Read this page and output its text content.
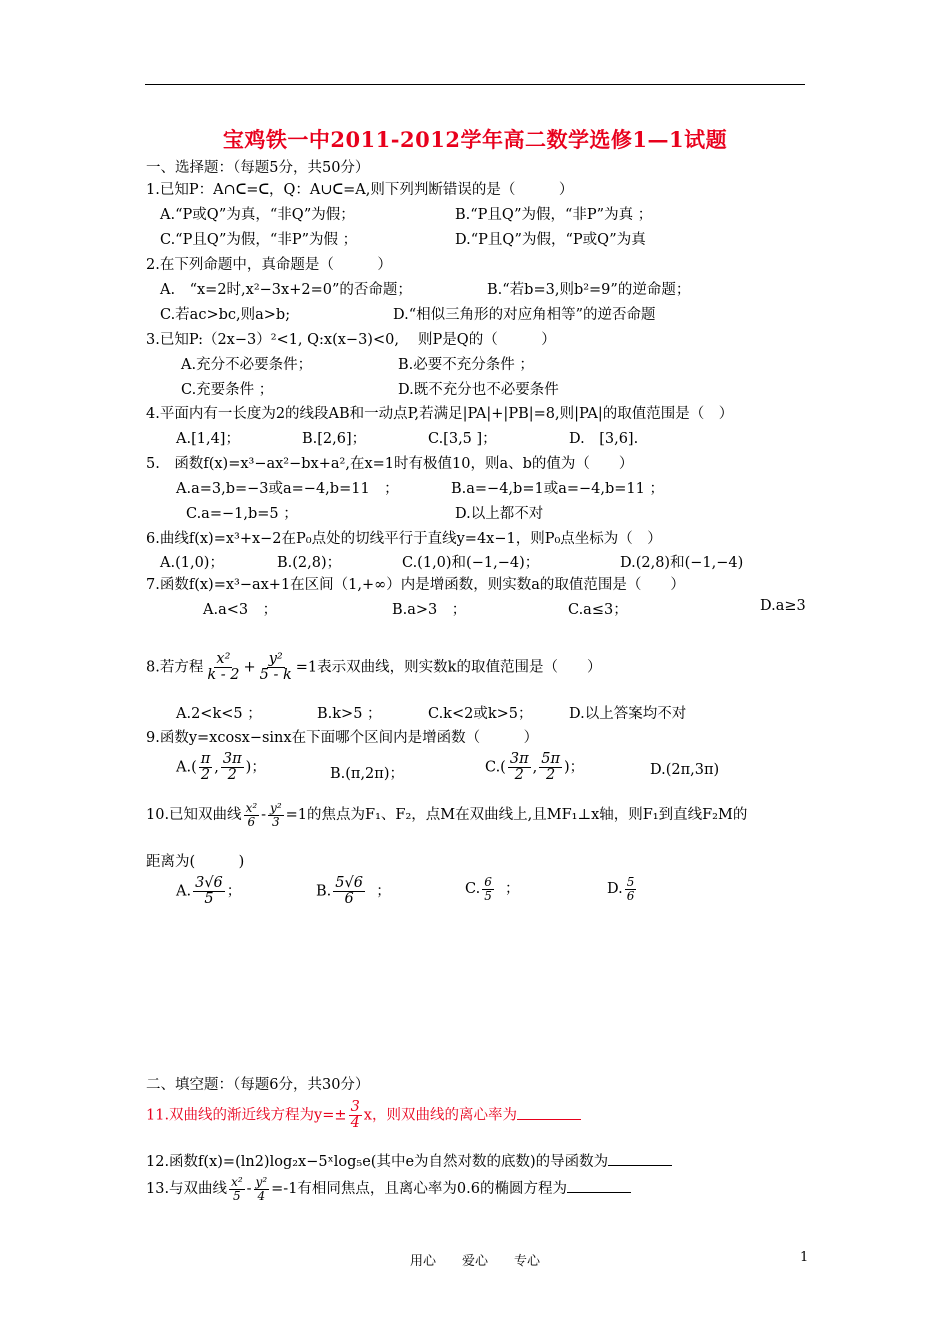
宝鸡铁一中2011-2012学年高二数学选修1—1试题
一、选择题：（每题5分，共50分）
1.已知P：A∩ᑕ=ᑕ，Q：A∪ᑕ=A,则下列判断错误的是（　　　）
A.“P或Q”为真，“非Q”为假；	B.“P且Q”为假，“非P”为真 ；
C.“P且Q”为假，“非P”为假 ；	D.“P且Q”为假，“P或Q”为真
2.在下列命题中，真命题是（　　　）
A.　“x=2时,x²−3x+2=0”的否命题；	B.“若b=3,则b²=9”的逆命题；
C.若ac>bc,则a>b;	D.“相似三角形的对应角相等”的逆否命题
3.已知P:（2x−3）²<1, Q:x(x−3)<0, 　则P是Q的（　　　）
A.充分不必要条件；	B.必要不充分条件 ；
C.充要条件 ；	D.既不充分也不必要条件
4.平面内有一长度为2的线段AB和一动点P,若满足|PA|+|PB|=8,则|PA|的取值范围是（　）
A.[1,4]；	B.[2,6]；	C.[3,5 ]；	D.　[3,6].
5.　函数f(x)=x³−ax²−bx+a²,在x=1时有极值10，则a、b的值为（　　）
A.a=3,b=−3或a=−4,b=11　；	B.a=−4,b=1或a=−4,b=11 ；
C.a=−1,b=5 ；	D.以上都不对
6.曲线f(x)=x³+x−2在P₀点处的切线平行于直线y=4x−1，则P₀点坐标为（　）
A.(1,0)；	B.(2,8)；	C.(1,0)和(−1,−4)；	D.(2,8)和(−1,−4)
7.函数f(x)=x³−ax+1在区间（1,+∞）内是增函数，则实数a的取值范围是（　　）
A.a<3　；	B.a>3　；	C.a≤3；	D.a≥3
8.若方程 $\frac{\text{x²}}{k - 2} + \frac{\text{y²}}{5 - k} =1$表示双曲线，则实数k的取值范围是（　　）
A.2<k<5 ；	B.k>5 ；	C.k<2或k>5；	D.以上答案均不对
9.函数y=xcosx−sinx在下面哪个区间内是增函数（　　　）
$A.( \frac{\pi}{2}$ , $\frac{3\pi}{2}$ )；	B.(π,2π)；	$C.( \frac{3\pi}{2}$ , $\frac{5\pi}{2}$ )；	D.(2π,3π)
10.已知双曲线 $\frac{\text{x²}}{6} - \frac{\text{y²}}{3} =1$的焦点为F₁、F₂，点M在双曲线上,且MF₁⊥x轴，则F₁到直线F₂M的
距离为(　　　)
A. $\frac{3√6}{5}$ ；	B. $\frac{5√6}{6}$ ；	C. $\frac{6}{5}$ ；	D. $\frac{5}{6}$
二、填空题：（每题6分，共30分）
11.双曲线的渐近线方程为$y=\pm \frac{3}{4}$ x，则双曲线的离心率为
12.函数f(x)=(ln2)log₂x−5ˣlog₅e(其中e为自然对数的底数)的导函数为
13.与双曲线 $\frac{\text{x²}}{5} - \frac{\text{y²}}{4} =-1$有相同焦点，且离心率为0.6的椭圆方程为
用心　　爱心　　专心	1
